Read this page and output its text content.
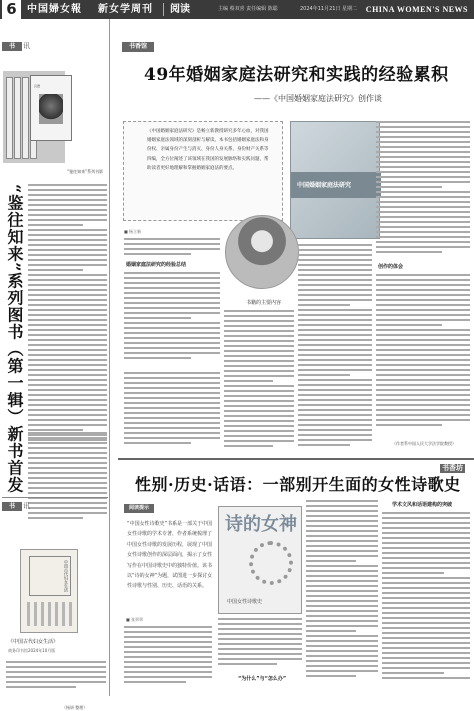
6	中国婦女報 新女学周刊	阅读	主编 蔡双喜 责任编辑 陈聪	2024年11月21日 星期二 CHINA WOMEN'S NEWS
书	讯
汉语
“鉴往知来”系列书影
“鉴往知来”系列图书（第一辑）新书首发
书	讯
中国古代妇女生活
《中国古代妇女生活》
商务印书馆2024年10月版
（杨妍 整理）
书香馆
49年婚姻家庭法研究和实践的经验累积
——《中国婚姻家庭法研究》创作谈
《中国婚姻家庭法研究》是畅立新教授研究多年心血，对我国婚姻家庭法领域的深刻剖析与解读。本书包括婚姻家庭法和身份权、亲属身份产生与消灭、身份人身关系、身份财产关系等四编，全方位阐述了该领域在我国的发展脉络和实践问题，帮助读者更好地理解和掌握婚姻家庭法的要点。
中国婚姻家庭法研究
■ 杨立新
婚姻家庭法研究的经验总结
书籍的主要内容
创作的体会
（作者系中国人民大学法学院教授）
书香坊
性别·历史·话语：一部别开生面的女性诗歌史
阅读提示
“中国女性诗歌史”书系是一部关于中国女性诗歌的学术专著，作者系统梳理了中国女性诗歌的发展历程，展现了中国女性诗歌创作的深层面向，揭示了女性写作在中国诗歌史中的独特价值。该书以“诗的女神”为题，试图进一步探讨女性诗歌与性别、历史、话语的关系。
诗的女神
中国女性诗歌史
■ 张翠翠
“为什么”与“怎么办”
学术文风和话语建构的突破
